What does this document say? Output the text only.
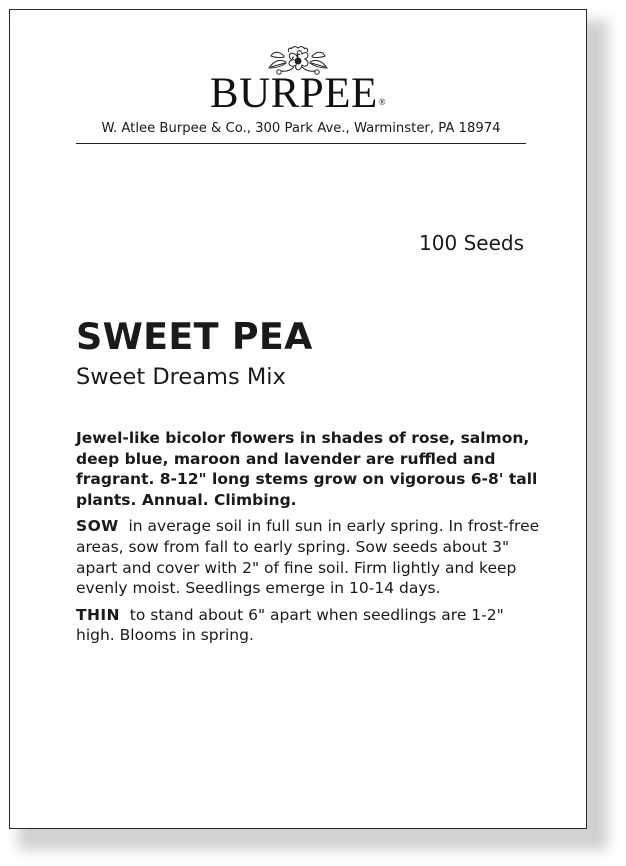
BURPEE®
W. Atlee Burpee & Co., 300 Park Ave., Warminster, PA 18974
100 Seeds
SWEET PEA
Sweet Dreams Mix

Jewel-like bicolor flowers in shades of rose, salmon, deep blue, maroon and lavender are ruffled and fragrant. 8-12" long stems grow on vigorous 6-8' tall plants. Annual. Climbing.

SOW in average soil in full sun in early spring. In frost-free areas, sow from fall to early spring. Sow seeds about 3" apart and cover with 2" of fine soil. Firm lightly and keep evenly moist. Seedlings emerge in 10-14 days.

THIN to stand about 6" apart when seedlings are 1-2" high. Blooms in spring.
